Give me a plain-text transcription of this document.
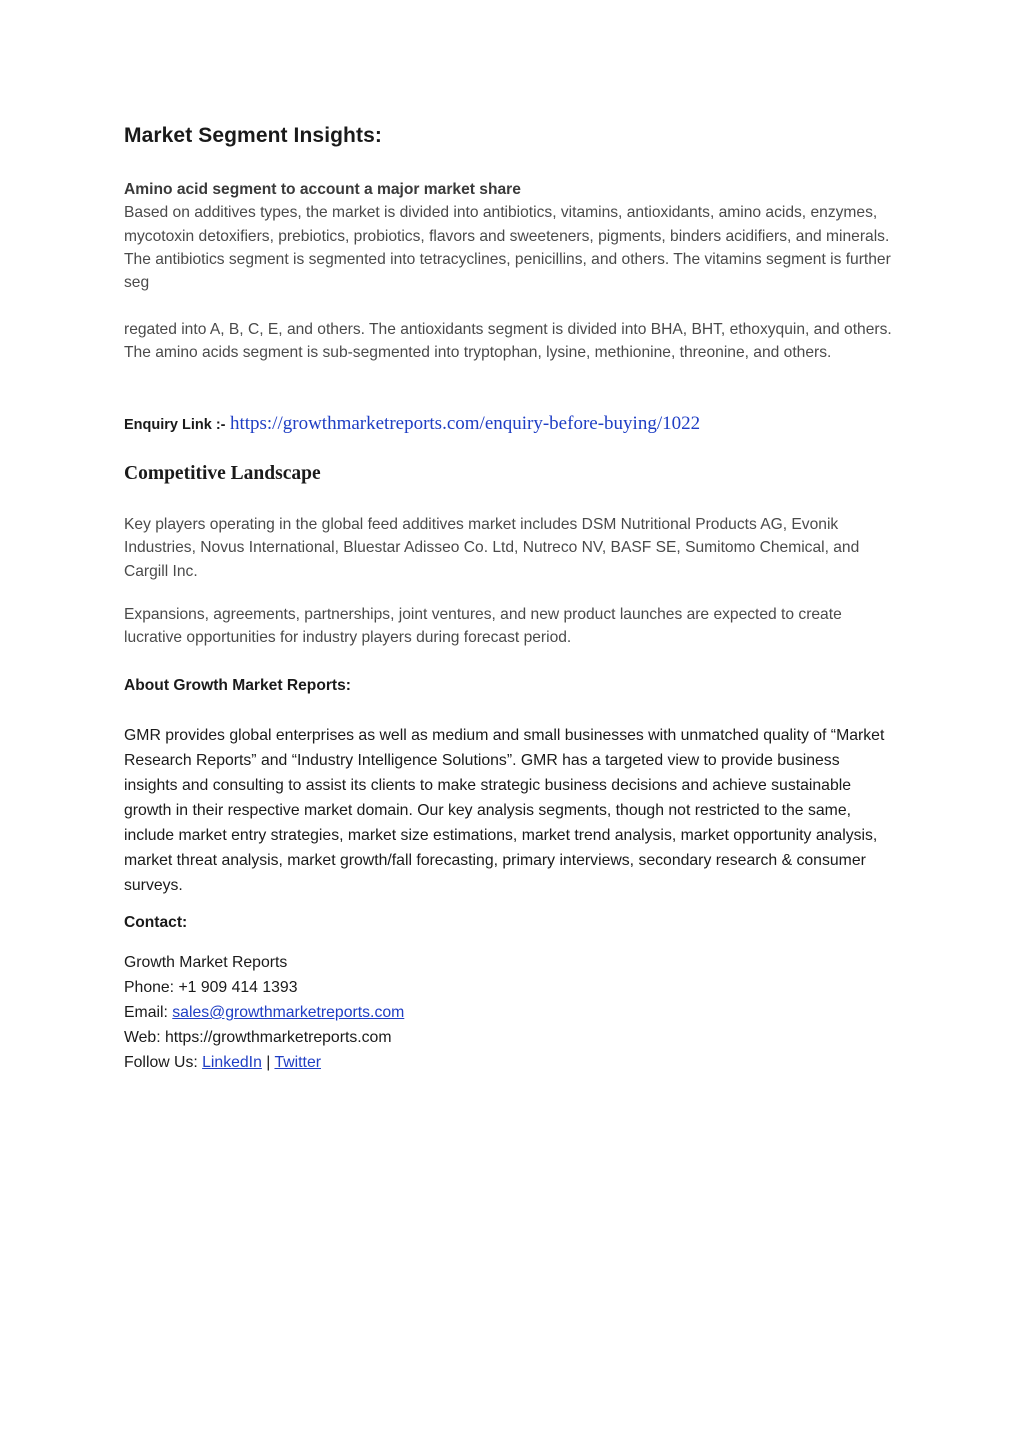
Market Segment Insights:
Amino acid segment to account a major market share
Based on additives types, the market is divided into antibiotics, vitamins, antioxidants, amino acids, enzymes, mycotoxin detoxifiers, prebiotics, probiotics, flavors and sweeteners, pigments, binders acidifiers, and minerals. The antibiotics segment is segmented into tetracyclines, penicillins, and others. The vitamins segment is further seg
regated into A, B, C, E, and others. The antioxidants segment is divided into BHA, BHT, ethoxyquin, and others. The amino acids segment is sub-segmented into tryptophan, lysine, methionine, threonine, and others.
Enquiry Link :- https://growthmarketreports.com/enquiry-before-buying/1022
Competitive Landscape
Key players operating in the global feed additives market includes DSM Nutritional Products AG, Evonik Industries, Novus International, Bluestar Adisseo Co. Ltd, Nutreco NV, BASF SE, Sumitomo Chemical, and Cargill Inc.
Expansions, agreements, partnerships, joint ventures, and new product launches are expected to create lucrative opportunities for industry players during forecast period.
About Growth Market Reports:
GMR provides global enterprises as well as medium and small businesses with unmatched quality of “Market Research Reports” and “Industry Intelligence Solutions”. GMR has a targeted view to provide business insights and consulting to assist its clients to make strategic business decisions and achieve sustainable growth in their respective market domain. Our key analysis segments, though not restricted to the same, include market entry strategies, market size estimations, market trend analysis, market opportunity analysis, market threat analysis, market growth/fall forecasting, primary interviews, secondary research & consumer surveys.
Contact:
Growth Market Reports
Phone: +1 909 414 1393
Email: sales@growthmarketreports.com
Web: https://growthmarketreports.com
Follow Us: LinkedIn | Twitter
